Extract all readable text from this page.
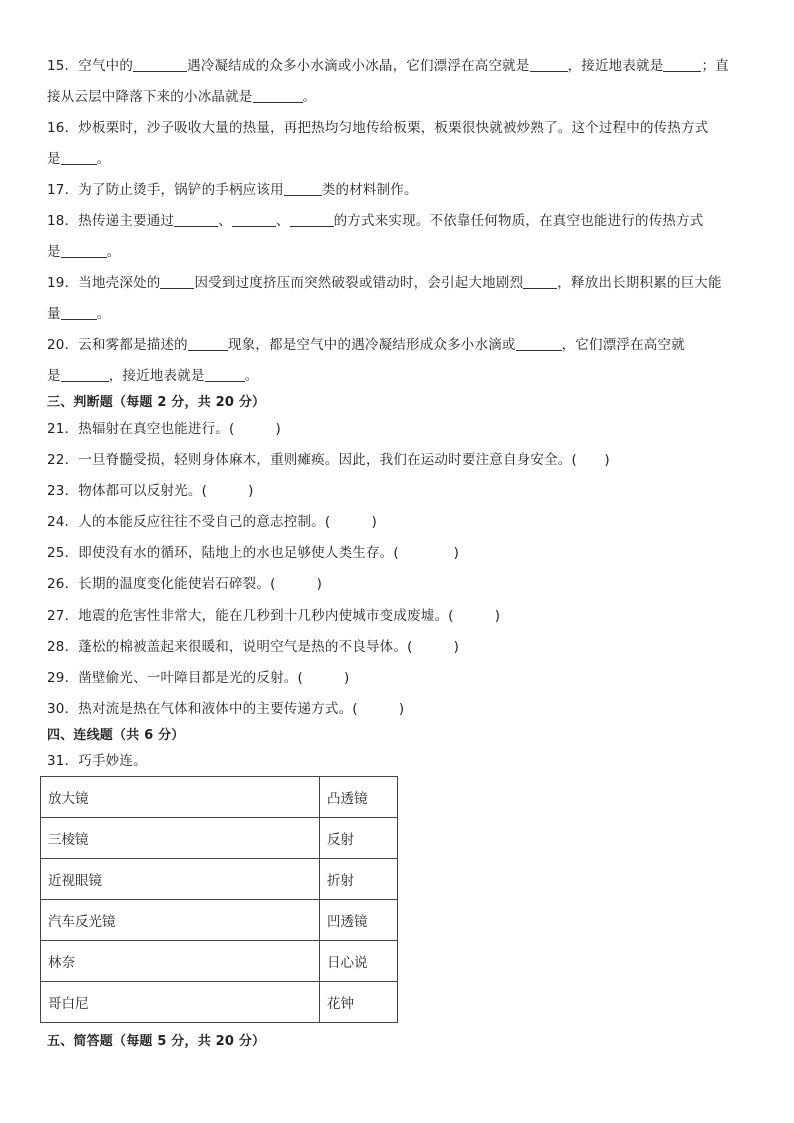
15．空气中的	遇冷凝结成的众多小水滴或小冰晶，它们漂浮在高空就是	，接近地表就是	；直
接从云层中降落下来的小冰晶就是	。
16．炒板栗时，沙子吸收大量的热量，再把热均匀地传给板栗，板栗很快就被炒熟了。这个过程中的传热方式
是	。
17．为了防止烫手，锅铲的手柄应该用	类的材料制作。
18．热传递主要通过	、	、	的方式来实现。不依靠任何物质，在真空也能进行的传热方式
是	。
19．当地壳深处的	因受到过度挤压而突然破裂或错动时，会引起大地剧烈	，释放出长期积累的巨大能
量	。
20．云和雾都是描述的	现象，都是空气中的遇冷凝结形成众多小水滴或	，它们漂浮在高空就
是	，接近地表就是	。
三、判断题（每题 2 分，共 20 分）
21．热辐射在真空也能进行。(　　　)
22．一旦脊髓受损，轻则身体麻木，重则瘫痪。因此，我们在运动时要注意自身安全。(　　)
23．物体都可以反射光。(　　　)
24．人的本能反应往往不受自己的意志控制。(　　　)
25．即使没有水的循环，陆地上的水也足够使人类生存。(　　　　)
26．长期的温度变化能使岩石碎裂。(　　　)
27．地震的危害性非常大，能在几秒到十几秒内使城市变成废墟。(　　　)
28．蓬松的棉被盖起来很暖和，说明空气是热的不良导体。(　　　)
29．凿壁偷光、一叶障目都是光的反射。(　　　)
30．热对流是热在气体和液体中的主要传递方式。(　　　)
四、连线题（共 6 分）
31．巧手妙连。
放大镜	凸透镜
三棱镜	反射
近视眼镜	折射
汽车反光镜	凹透镜
林奈	日心说
哥白尼	花钟
五、简答题（每题 5 分，共 20 分）
